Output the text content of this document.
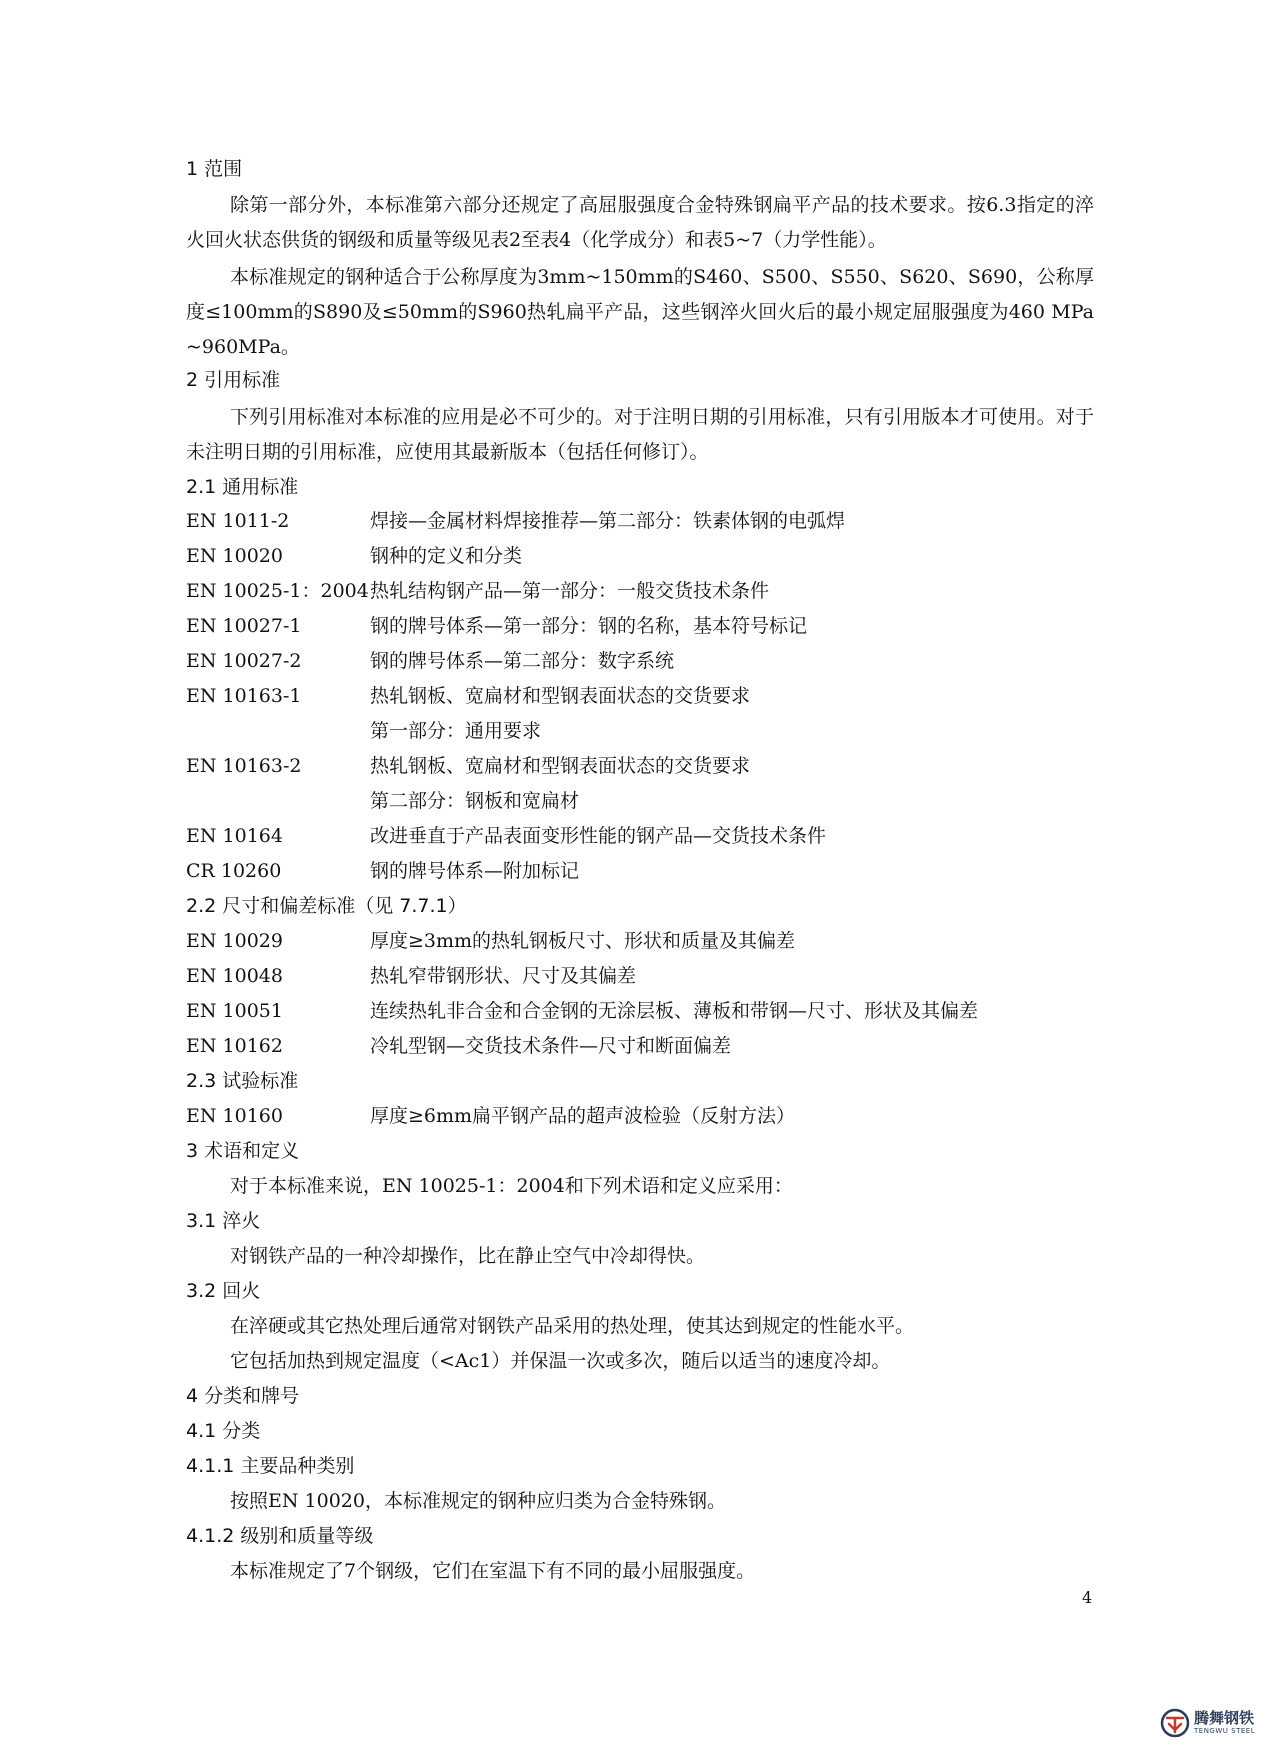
1 范围
除第一部分外，本标准第六部分还规定了高屈服强度合金特殊钢扁平产品的技术要求。按6.3指定的淬火回火状态供货的钢级和质量等级见表2至表4（化学成分）和表5~7（力学性能）。
本标准规定的钢种适合于公称厚度为3mm~150mm的S460、S500、S550、S620、S690，公称厚度≤100mm的S890及≤50mm的S960热轧扁平产品，这些钢淬火回火后的最小规定屈服强度为460 MPa ~960MPa。
2 引用标准
下列引用标准对本标准的应用是必不可少的。对于注明日期的引用标准，只有引用版本才可使用。对于未注明日期的引用标准，应使用其最新版本（包括任何修订）。
2.1 通用标准
EN 1011-2	焊接—金属材料焊接推荐—第二部分：铁素体钢的电弧焊
EN 10020	钢种的定义和分类
EN 10025-1：2004 热轧结构钢产品—第一部分：一般交货技术条件
EN 10027-1	钢的牌号体系—第一部分：钢的名称，基本符号标记
EN 10027-2	钢的牌号体系—第二部分：数字系统
EN 10163-1	热轧钢板、宽扁材和型钢表面状态的交货要求
第一部分：通用要求
EN 10163-2	热轧钢板、宽扁材和型钢表面状态的交货要求
第二部分：钢板和宽扁材
EN 10164	改进垂直于产品表面变形性能的钢产品—交货技术条件
CR 10260	钢的牌号体系—附加标记
2.2 尺寸和偏差标准（见 7.7.1）
EN 10029	厚度≥3mm的热轧钢板尺寸、形状和质量及其偏差
EN 10048	热轧窄带钢形状、尺寸及其偏差
EN 10051	连续热轧非合金和合金钢的无涂层板、薄板和带钢—尺寸、形状及其偏差
EN 10162	冷轧型钢—交货技术条件—尺寸和断面偏差
2.3 试验标准
EN 10160	厚度≥6mm扁平钢产品的超声波检验（反射方法）
3 术语和定义
对于本标准来说，EN 10025-1：2004和下列术语和定义应采用：
3.1 淬火
对钢铁产品的一种冷却操作，比在静止空气中冷却得快。
3.2 回火
在淬硬或其它热处理后通常对钢铁产品采用的热处理，使其达到规定的性能水平。
它包括加热到规定温度（<Ac1）并保温一次或多次，随后以适当的速度冷却。
4 分类和牌号
4.1 分类
4.1.1 主要品种类别
按照EN 10020，本标准规定的钢种应归类为合金特殊钢。
4.1.2 级别和质量等级
本标准规定了7个钢级，它们在室温下有不同的最小屈服强度。
4
腾舞钢铁
TENGWU STEEL
